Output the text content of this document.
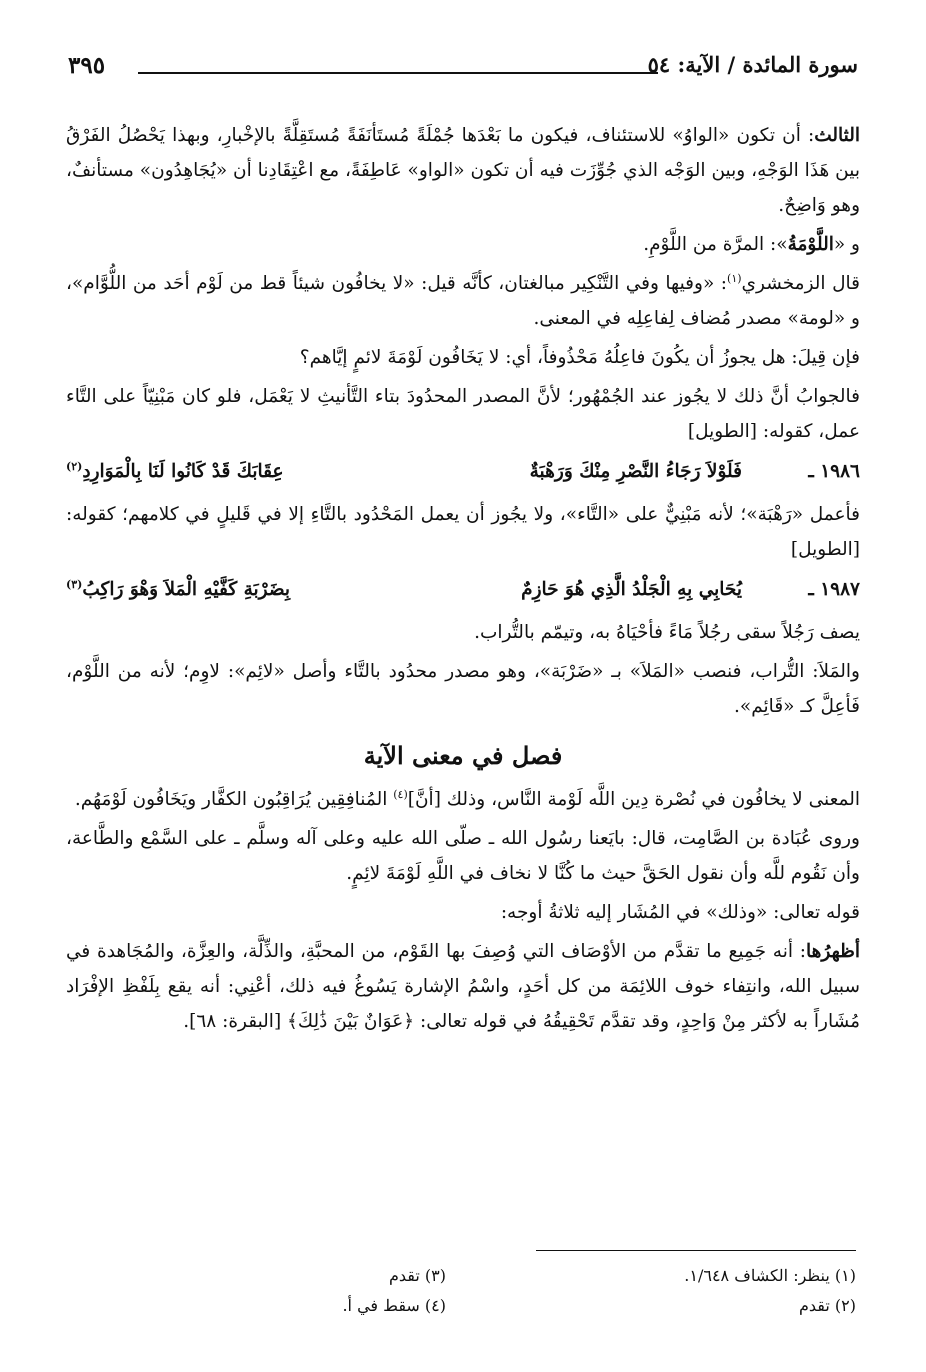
سورة المائدة / الآية: ٥٤
٣٩٥

الثالث: أن تكون «الواوُ» للاستئناف، فيكون ما بَعْدَها جُمْلَةً مُستَأنَفَةً مُستَقِلَّةً بالإخْبارِ، وبهذا يَحْصُلُ الفَرْقُ بين هَذَا الوَجْهِ، وبين الوَجْه الذي جُوِّزَت فيه أن تكون «الواو» عَاطِفَةً، مع اعْتِقَادِنا أن «يُجَاهِدُون» مستأنفٌ، وهو وَاضِحٌ.

و «اللَّوْمَةُ»: المرَّة من اللَّوْمِ.

قال الزمخشري$^{(١)}$: «وفيها وفي التَّنْكِير مبالغتان، كأنَّه قيل: «لا يخافُون شيئاً قط من لَوْم أحَد من اللُّوَّام»، و «لومة» مصدر مُضاف لِفاعِلِه في المعنى.

فإن قِيلَ: هل يجوزُ أن يكُونَ فاعِلُهُ مَحْذُوفاً، أي: لا يَخَافُون لَوْمَةَ لائمٍ إيَّاهم؟

فالجوابُ أنَّ ذلك لا يجُوز عند الجُمْهُور؛ لأنَّ المصدر المحدُودَ بتاء التَّأنيثِ لا يَعْمَل، فلو كان مَبْنِيّاً على التَّاء عمل، كقوله: [الطويل]

١٩٨٦ ـ
فَلَوْلاَ رَجَاءُ النَّصْرِ مِنْكَ وَرَهْبَةٌ
عِقَابَكَ قَدْ كَانُوا لَنَا بِالْمَوَارِدِ$^{(٢)}$

فأعمل «رَهْبَة»؛ لأنه مَبْنِيٌّ على «التَّاء»، ولا يجُوز أن يعمل المَحْدُود بالتَّاءِ إلا في قَليلٍ في كلامهم؛ كقوله: [الطويل]

١٩٨٧ ـ
يُحَابِي بِهِ الْجَلْدُ الَّذِي هُوَ حَازِمٌ
بِضَرْبَةِ كَفَّيْهِ الْمَلاَ وَهْوَ رَاكِبُ$^{(٣)}$

يصف رَجُلاً سقى رجُلاً مَاءً فأحْيَاهُ به، وتيمّم بالتُّراب.

والمَلاَ: التُّراب، فنصب «المَلاَ» بـ «ضَرْبَة»، وهو مصدر محدُود بالتَّاء وأصل «لائِم»: لاوِم؛ لأنه من اللَّوْم، فَأعِلَّ كـ «قَائِم».

فصل في معنى الآية

المعنى لا يخافُون في نُصْرة دِين اللَّه لَوْمة النَّاس، وذلك [أنَّ]$^{(٤)}$ المُنافِقِين يُرَاقِبُون الكفَّار ويَخَافُون لَوْمَهُم.

وروى عُبَادة بن الصَّامِت، قال: بايَعنا رسُول الله ـ صلّى الله عليه وعلى آله وسلَّم ـ على السَّمْع والطَّاعة، وأن نَقُوم للَّه وأن نقول الحَقَّ حيث ما كُنَّا لا نخاف في اللَّهِ لَوْمَةَ لائِمٍ.

قوله تعالى: «وذلك» في المُشَار إليه ثلاثةُ أوجه:

أظهرُها: أنه جَمِيع ما تقدَّم من الأوْصَاف التي وُصِفَ بها القَوْم، من المحبَّةِ، والذِّلَّة، والعِزَّة، والمُجَاهدة في سبيل الله، وانتِفاء خوف اللائِمَة من كل أحَدٍ، واسْمُ الإشارة يَسُوغُ فيه ذلك، أعْنِي: أنه يقع بِلَفْظِ الإفْرَاد مُشَاراً به لأكثر مِنْ وَاحِدٍ، وقد تقدَّم تَحْقِيقُهُ في قوله تعالى: ﴿عَوَانٌ بَيْنَ ذَٰلِكَ﴾ [البقرة: ٦٨].

(١) ينظر: الكشاف ١/٦٤٨.
(٢) تقدم
(٣) تقدم
(٤) سقط في أ.
